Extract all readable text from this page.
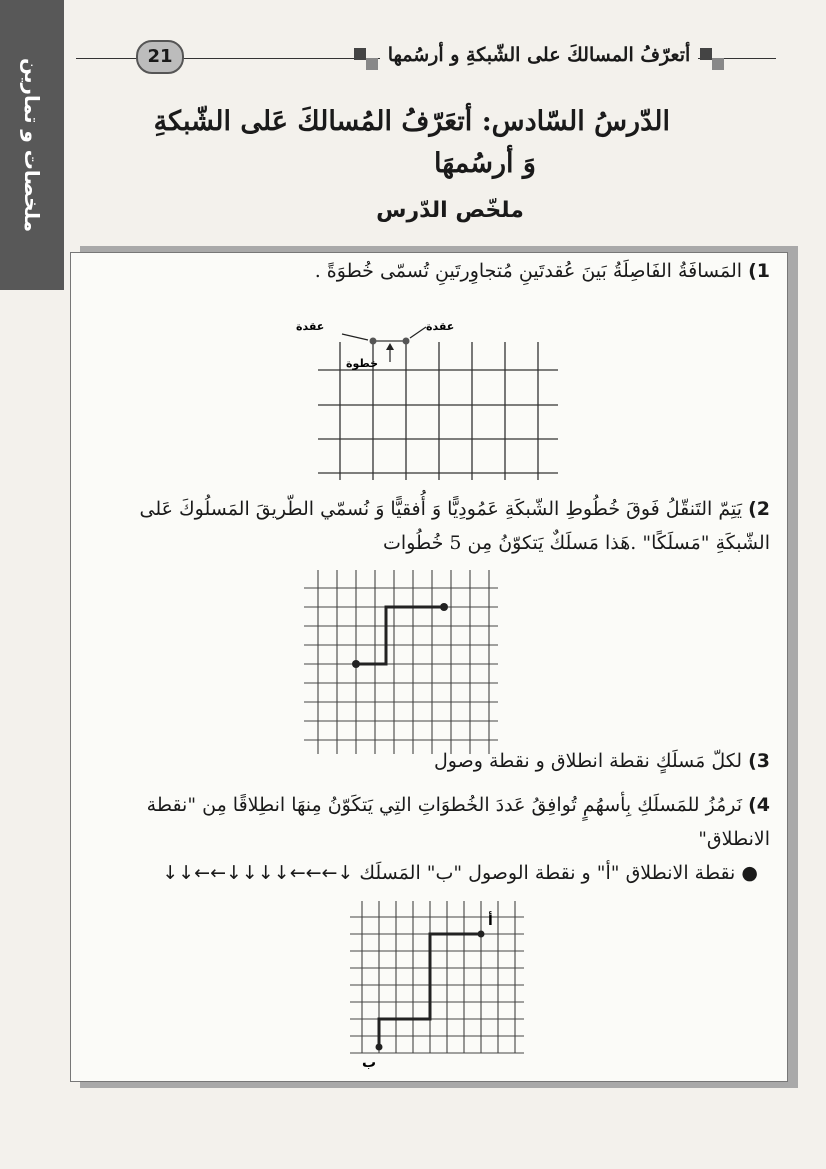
ملخصات و تمارين
21	أتعرّفُ المسالكَ على الشّبكةِ و أرسُمها
الدّرسُ السّادس: أتعَرّفُ المُسالكَ عَلى الشّبكةِ
وَ أرسُمهَا
ملخّص الدّرس
1) المَسافَةُ الفَاصِلَةُ بَينَ عُقدتَينِ مُتجاوِرتَينِ تُسمّى خُطوَةً .
عقدة	عقدة
خطوة
2) يَتِمّ التَنقّلُ فَوقَ خُطُوطِ الشّبكَةِ عَمُودِيًّا وَ أُفقيًّا وَ نُسمّي الطّريقَ المَسلُوكَ عَلى الشّبكَةِ "مَسلَكًا" .هَذا مَسلَكٌ يَتكوّنُ مِن 5 خُطُوات
3) لكلّ مَسلَكٍ نقطة انطلاق و نقطة وصول
4) نَرمُزُ للمَسلَكِ بِأسهُمٍ تُوافِقُ عَددَ الخُطوَاتِ التِي يَتكَوّنُ مِنهَا انطِلاقًا مِن "نقطة الانطلاق"
● نقطة الانطلاق "أ" و نقطة الوصول "ب" المَسلَك ↓↓←←↓↓↓↓←←←↓
أ
ب
